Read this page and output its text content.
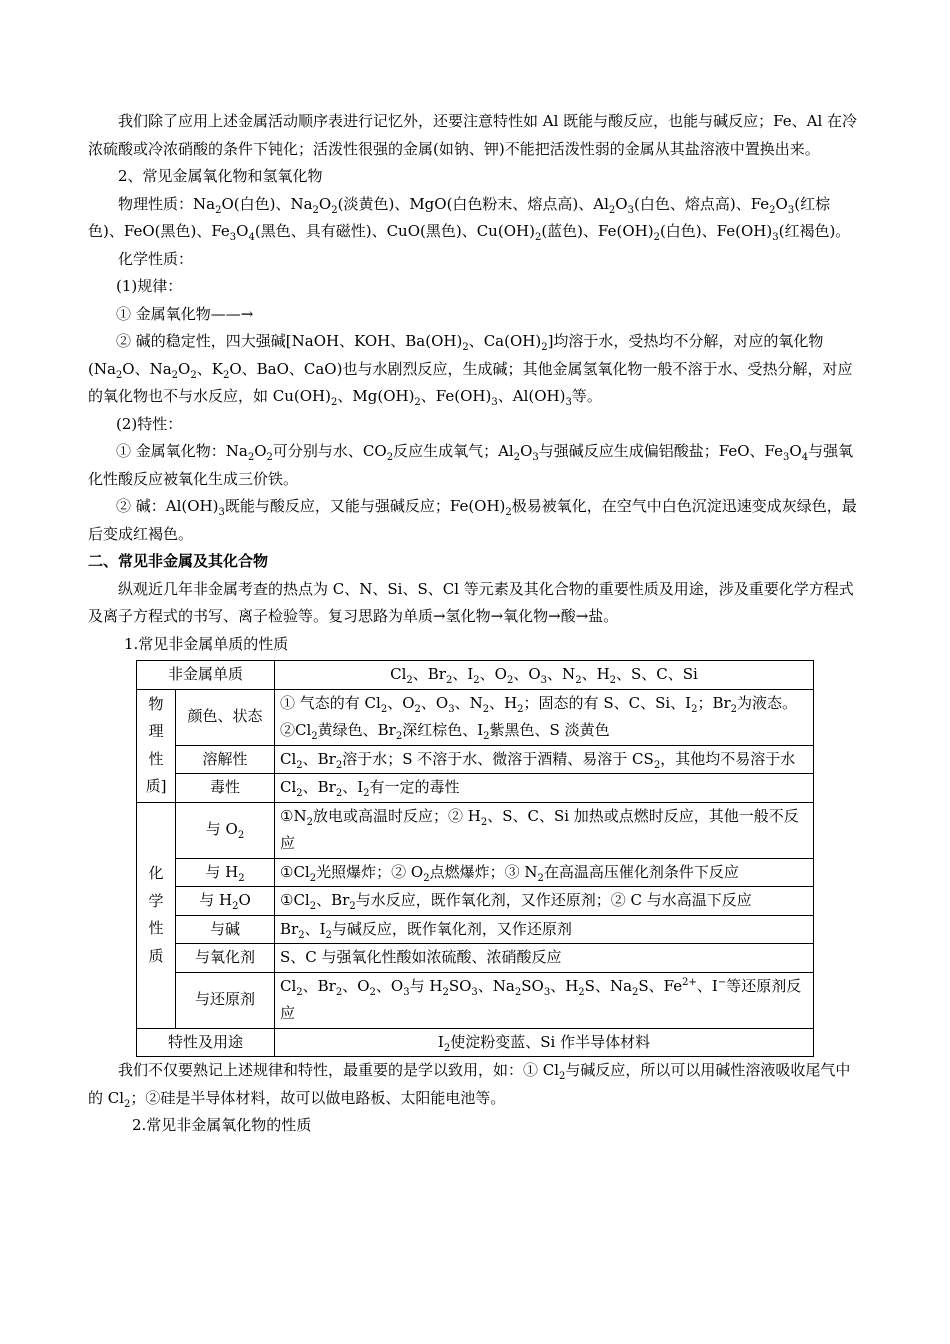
我们除了应用上述金属活动顺序表进行记忆外，还要注意特性如 Al 既能与酸反应，也能与碱反应；Fe、Al 在冷浓硫酸或冷浓硝酸的条件下钝化；活泼性很强的金属(如钠、钾)不能把活泼性弱的金属从其盐溶液中置换出来。

2、常见金属氧化物和氢氧化物

物理性质：$Na_2O$(白色)、$Na_2O_2$(淡黄色)、MgO(白色粉末、熔点高)、$Al_2O_3$(白色、熔点高)、$Fe_2O_3$(红棕色)、FeO(黑色)、$Fe_3O_4$(黑色、具有磁性)、CuO(黑色)、$Cu(OH)_2$(蓝色)、$Fe(OH)_2$(白色)、$Fe(OH)_3$(红褐色)。

化学性质：

(1)规律：

① 金属氧化物——→

② 碱的稳定性，四大强碱[NaOH、KOH、$Ba(OH)_2$、$Ca(OH)_2$]均溶于水，受热均不分解，对应的氧化物($Na_2O$、$Na_2O_2$、$K_2O$、BaO、CaO)也与水剧烈反应，生成碱；其他金属氢氧化物一般不溶于水、受热分解，对应的氧化物也不与水反应，如 $Cu(OH)_2$、$Mg(OH)_2$、$Fe(OH)_3$、$Al(OH)_3$等。

(2)特性：

① 金属氧化物：$Na_2O_2$可分别与水、$CO_2$反应生成氧气；$Al_2O_3$与强碱反应生成偏铝酸盐；FeO、$Fe_3O_4$与强氧化性酸反应被氧化生成三价铁。

② 碱：$Al(OH)_3$既能与酸反应，又能与强碱反应；$Fe(OH)_2$极易被氧化，在空气中白色沉淀迅速变成灰绿色，最后变成红褐色。

二、常见非金属及其化合物

纵观近几年非金属考查的热点为 C、N、Si、S、Cl 等元素及其化合物的重要性质及用途，涉及重要化学方程式及离子方程式的书写、离子检验等。复习思路为单质→氢化物→氧化物→酸→盐。

1.常见非金属单质的性质

非金属单质		$Cl_2$、$Br_2$、$I_2$、$O_2$、$O_3$、$N_2$、$H_2$、S、C、Si

物
理
性
质]	颜色、状态	① 气态的有 $Cl_2$、$O_2$、$O_3$、$N_2$、$H_2$；固态的有 S、C、Si、$I_2$；$Br_2$为液态。$②Cl_2$黄绿色、$Br_2$深红棕色、$I_2$紫黑色、S 淡黄色
	溶解性	$Cl_2$、$Br_2$溶于水；S 不溶于水、微溶于酒精、易溶于 $CS_2$，其他均不易溶于水
	毒性	$Cl_2$、$Br_2$、$I_2$有一定的毒性

化
学
性
质	与 $O_2$	$①N_2$放电或高温时反应；② $H_2$、S、C、Si 加热或点燃时反应，其他一般不反应
	与 $H_2$	$①Cl_2$光照爆炸；② $O_2$点燃爆炸；③ $N_2$在高温高压催化剂条件下反应
	与 $H_2O$	$①Cl_2$、$Br_2$与水反应，既作氧化剂，又作还原剂；② C 与水高温下反应
	与碱	$Br_2$、$I_2$与碱反应，既作氧化剂，又作还原剂
	与氧化剂	S、C 与强氧化性酸如浓硫酸、浓硝酸反应
	与还原剂	$Cl_2$、$Br_2$、$O_2$、$O_3$与 $H_2SO_3$、$Na_2SO_3$、$H_2S$、$Na_2S$、$Fe^{2+}$、I−等还原剂反应
特性及用途		$I_2$使淀粉变蓝、Si 作半导体材料

我们不仅要熟记上述规律和特性，最重要的是学以致用，如：① $Cl_2$与碱反应，所以可以用碱性溶液吸收尾气中的 $Cl_2$；②硅是半导体材料，故可以做电路板、太阳能电池等。

2.常见非金属氧化物的性质
